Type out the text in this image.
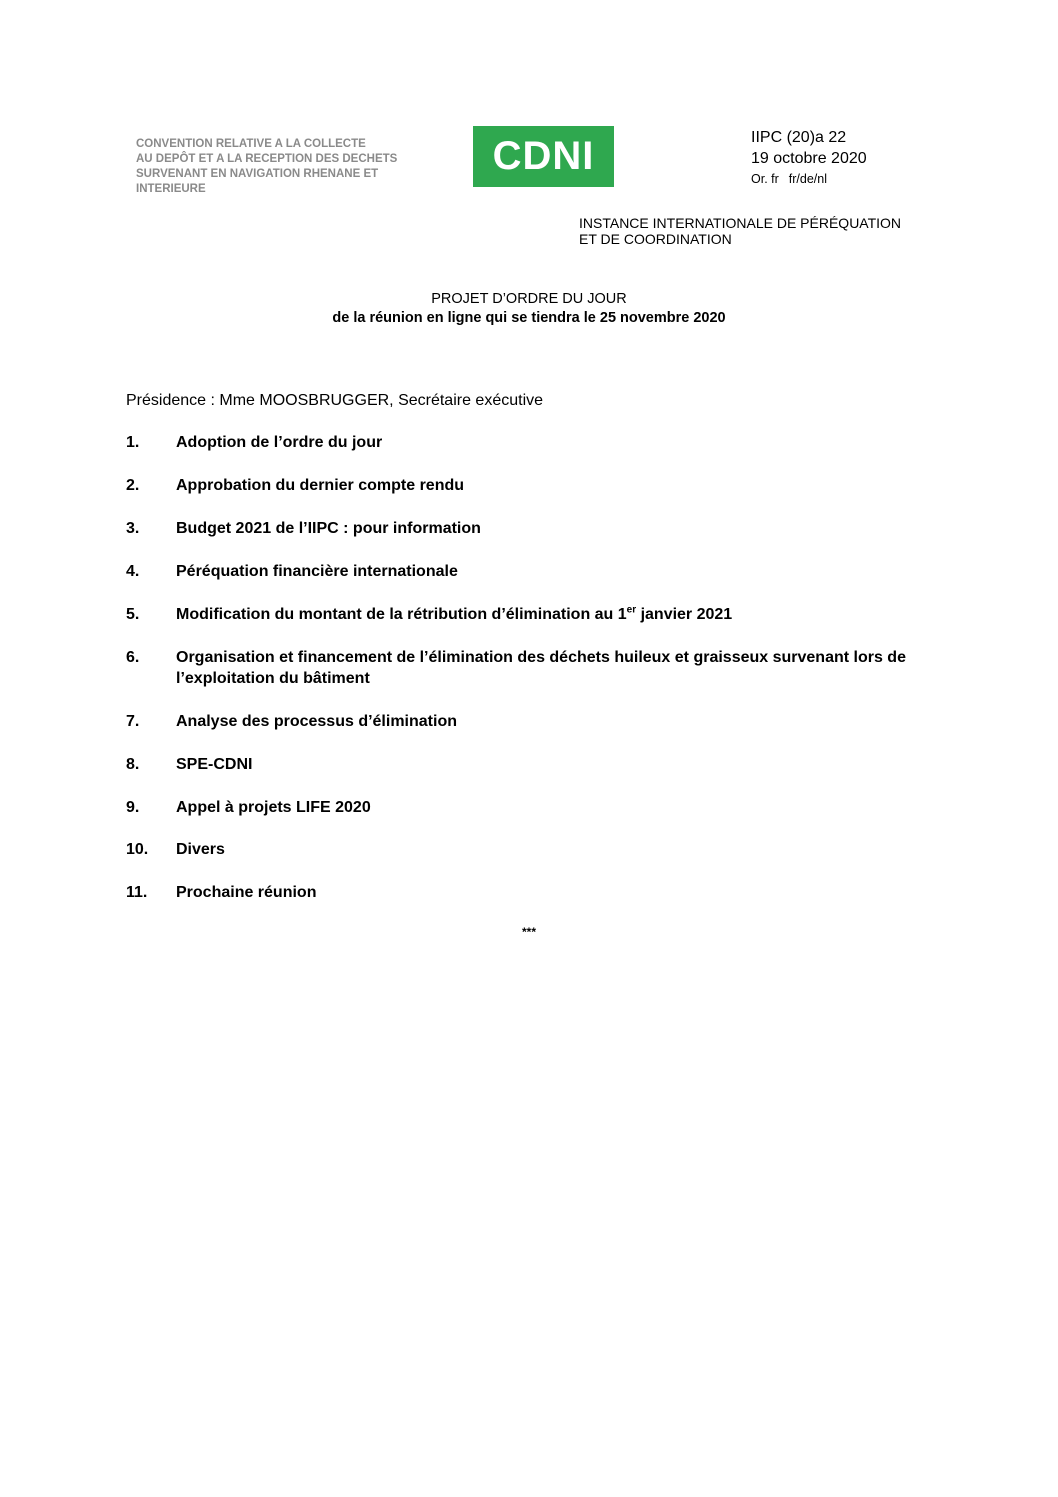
CONVENTION RELATIVE A LA COLLECTE
AU DEPÔT ET A LA RECEPTION DES DECHETS
SURVENANT EN NAVIGATION RHENANE ET
INTERIEURE
CDNI	IIPC (20)a 22
19 octobre 2020
Or. fr fr/de/nl
INSTANCE INTERNATIONALE DE PÉRÉQUATION
ET DE COORDINATION
PROJET D’ORDRE DU JOUR
de la réunion en ligne qui se tiendra le 25 novembre 2020
Présidence : Mme MOOSBRUGGER, Secrétaire exécutive
1.	Adoption de l’ordre du jour
2.	Approbation du dernier compte rendu
3.	Budget 2021 de l’IIPC : pour information
4.	Péréquation financière internationale
5.	Modification du montant de la rétribution d’élimination au 1er janvier 2021
6.	Organisation et financement de l’élimination des déchets huileux et graisseux survenant lors de l’exploitation du bâtiment
7.	Analyse des processus d’élimination
8.	SPE-CDNI
9.	Appel à projets LIFE 2020
10.	Divers
11.	Prochaine réunion
***
